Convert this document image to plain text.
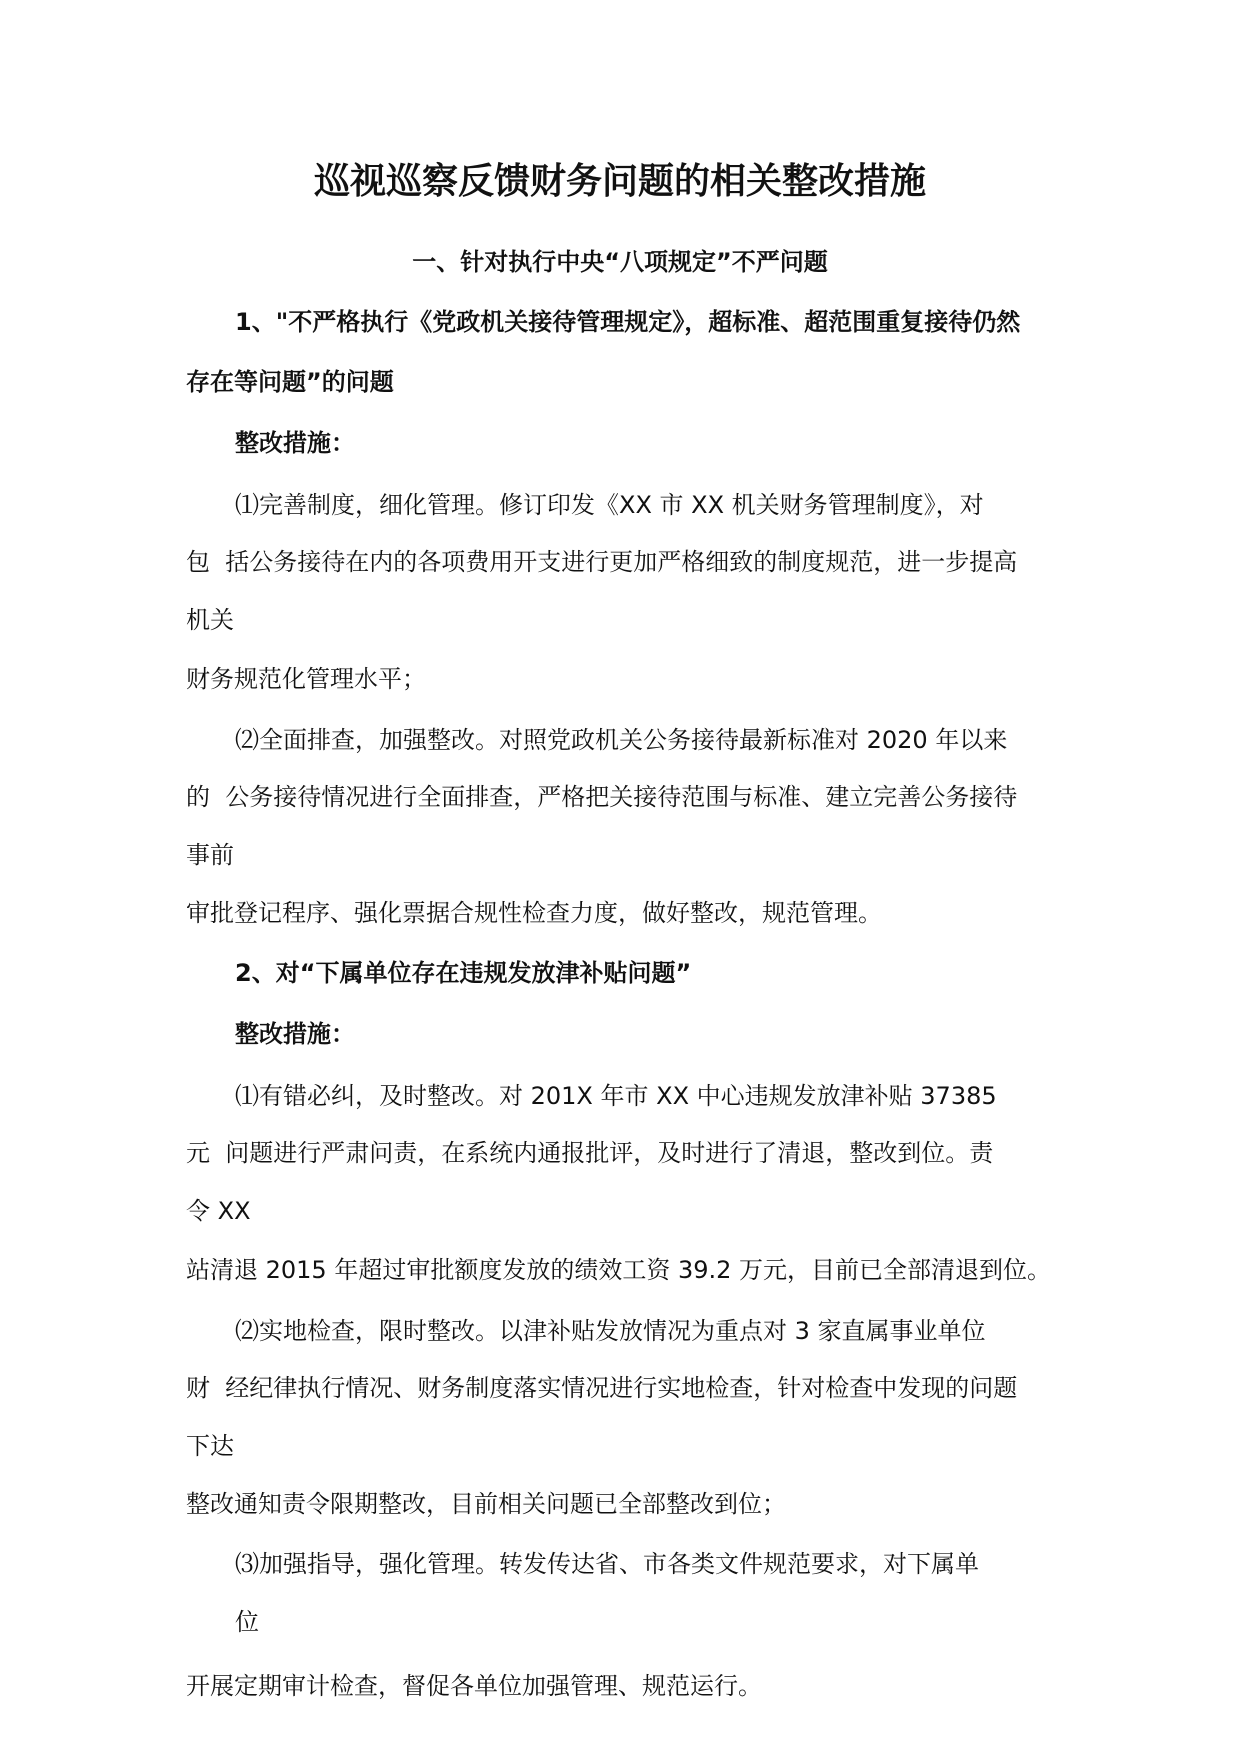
巡视巡察反馈财务问题的相关整改措施
一、针对执行中央“八项规定”不严问题
1、"不严格执行《党政机关接待管理规定》，超标准、超范围重复接待仍然
存在等问题”的问题
整改措施：
⑴完善制度，细化管理。修订印发《XX 市 XX 机关财务管理制度》，对
包  括公务接待在内的各项费用开支进行更加严格细致的制度规范，进一步提高
机关
财务规范化管理水平；
⑵全面排查，加强整改。对照党政机关公务接待最新标准对 2020 年以来
的  公务接待情况进行全面排查，严格把关接待范围与标准、建立完善公务接待
事前
审批登记程序、强化票据合规性检查力度，做好整改，规范管理。
2、对“下属单位存在违规发放津补贴问题”
整改措施：
⑴有错必纠，及时整改。对 201X 年市 XX 中心违规发放津补贴 37385
元  问题进行严肃问责，在系统内通报批评，及时进行了清退，整改到位。责
令 XX
站清退 2015 年超过审批额度发放的绩效工资 39.2 万元，目前已全部清退到位。
⑵实地检查，限时整改。以津补贴发放情况为重点对 3 家直属事业单位
财  经纪律执行情况、财务制度落实情况进行实地检查，针对检查中发现的问题
下达
整改通知责令限期整改，目前相关问题已全部整改到位；
⑶加强指导，强化管理。转发传达省、市各类文件规范要求，对下属单
位
开展定期审计检查，督促各单位加强管理、规范运行。
